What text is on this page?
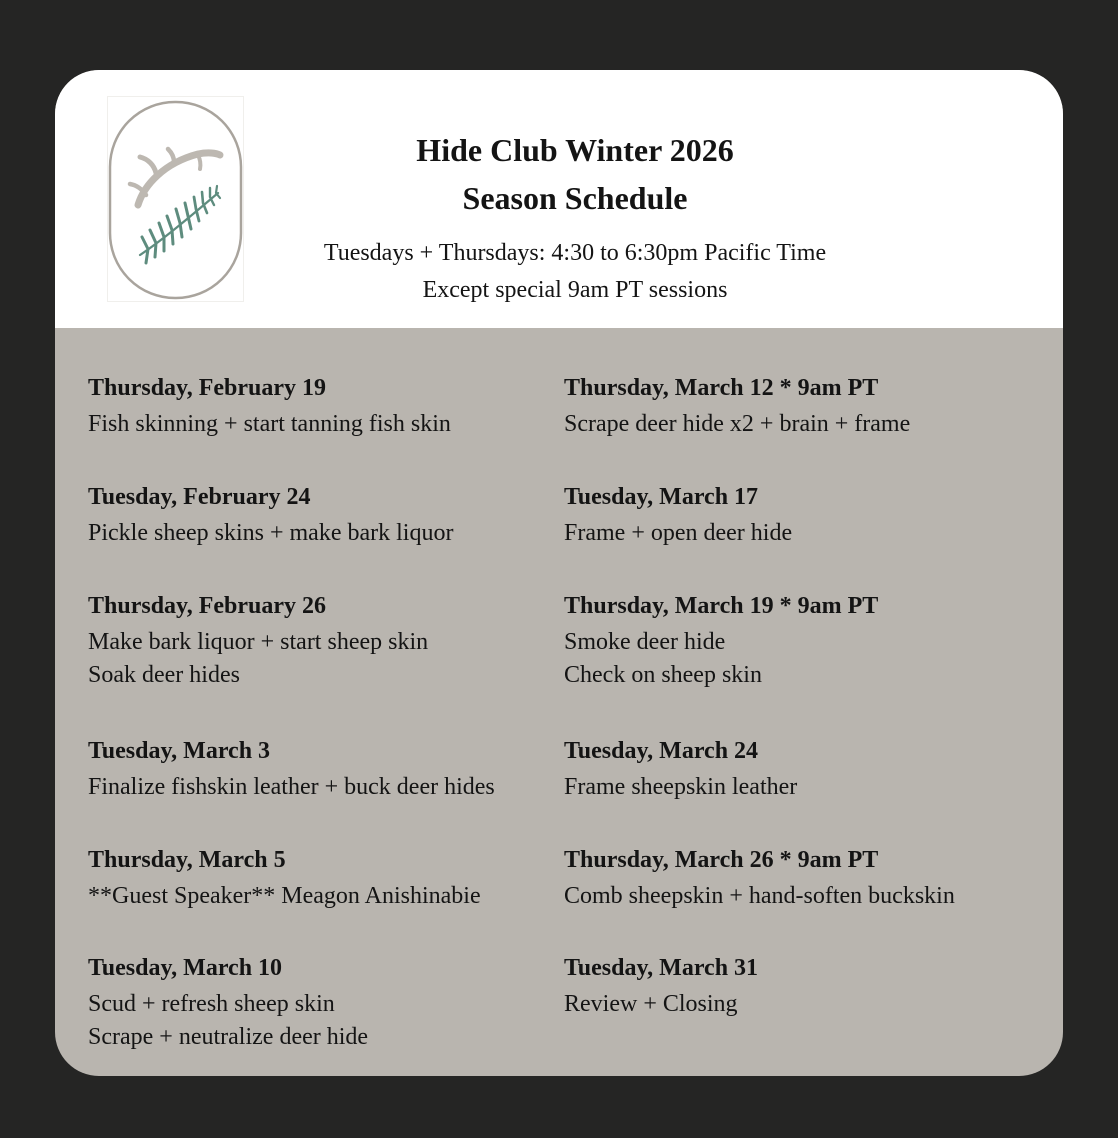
Hide Club Winter 2026
Season Schedule
Tuesdays + Thursdays: 4:30 to 6:30pm Pacific Time
Except special 9am PT sessions
Thursday, February 19
Fish skinning + start tanning fish skin
Tuesday, February 24
Pickle sheep skins + make bark liquor
Thursday, February 26
Make bark liquor + start sheep skin
Soak deer hides
Tuesday, March 3
Finalize fishskin leather + buck deer hides
Thursday, March 5
**Guest Speaker** Meagon Anishinabie
Tuesday, March 10
Scud + refresh sheep skin
Scrape + neutralize deer hide
Thursday, March 12 * 9am PT
Scrape deer hide x2 + brain + frame
Tuesday, March 17
Frame + open deer hide
Thursday, March 19 * 9am PT
Smoke deer hide
Check on sheep skin
Tuesday, March 24
Frame sheepskin leather
Thursday, March 26 * 9am PT
Comb sheepskin + hand-soften buckskin
Tuesday, March 31
Review + Closing
